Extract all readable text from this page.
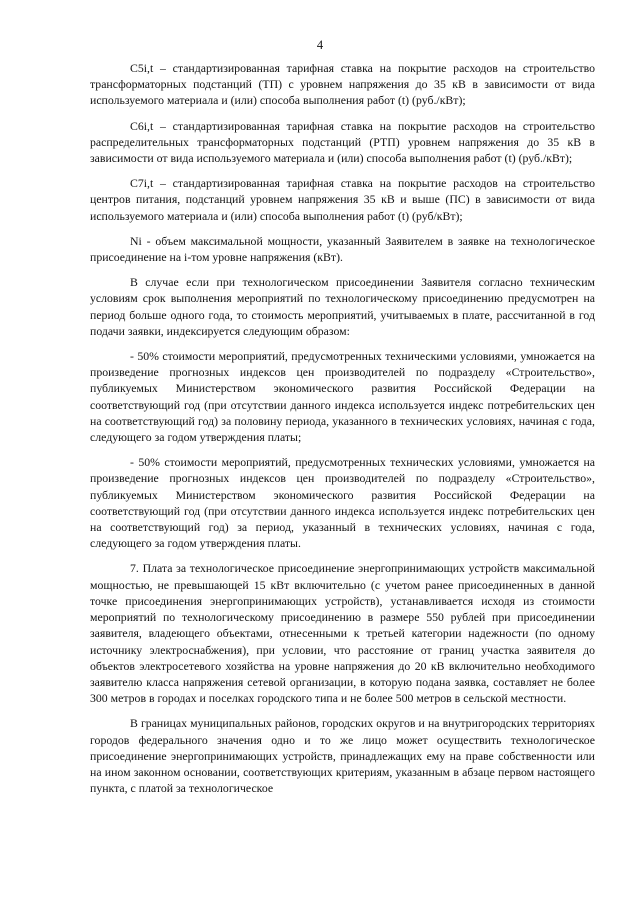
4

C5i,t – стандартизированная тарифная ставка на покрытие расходов на строительство трансформаторных подстанций (ТП) с уровнем напряжения до 35 кВ в зависимости от вида используемого материала и (или) способа выполнения работ (t) (руб./кВт);

C6i,t – стандартизированная тарифная ставка на покрытие расходов на строительство распределительных трансформаторных подстанций (РТП) уровнем напряжения до 35 кВ в зависимости от вида используемого материала и (или) способа выполнения работ (t) (руб./кВт);

C7i,t – стандартизированная тарифная ставка на покрытие расходов на строительство центров питания, подстанций уровнем напряжения 35 кВ и выше (ПС) в зависимости от вида используемого материала и (или) способа выполнения работ (t) (руб/кВт);

Ni - объем максимальной мощности, указанный Заявителем в заявке на технологическое присоединение на i-том уровне напряжения (кВт).

В случае если при технологическом присоединении Заявителя согласно техническим условиям срок выполнения мероприятий по технологическому присоединению предусмотрен на период больше одного года, то стоимость мероприятий, учитываемых в плате, рассчитанной в год подачи заявки, индексируется следующим образом:

- 50% стоимости мероприятий, предусмотренных техническими условиями, умножается на произведение прогнозных индексов цен производителей по подразделу «Строительство», публикуемых Министерством экономического развития Российской Федерации на соответствующий год (при отсутствии данного индекса используется индекс потребительских цен на соответствующий год) за половину периода, указанного в технических условиях, начиная с года, следующего за годом утверждения платы;

- 50% стоимости мероприятий, предусмотренных технических условиями, умножается на произведение прогнозных индексов цен производителей по подразделу «Строительство», публикуемых Министерством экономического развития Российской Федерации на соответствующий год (при отсутствии данного индекса используется индекс потребительских цен на соответствующий год) за период, указанный в технических условиях, начиная с года, следующего за годом утверждения платы.

7. Плата за технологическое присоединение энергопринимающих устройств максимальной мощностью, не превышающей 15 кВт включительно (с учетом ранее присоединенных в данной точке присоединения энергопринимающих устройств), устанавливается исходя из стоимости мероприятий по технологическому присоединению в размере 550 рублей при присоединении заявителя, владеющего объектами, отнесенными к третьей категории надежности (по одному источнику электроснабжения), при условии, что расстояние от границ участка заявителя до объектов электросетевого хозяйства на уровне напряжения до 20 кВ включительно необходимого заявителю класса напряжения сетевой организации, в которую подана заявка, составляет не более 300 метров в городах и поселках городского типа и не более 500 метров в сельской местности.

В границах муниципальных районов, городских округов и на внутригородских территориях городов федерального значения одно и то же лицо может осуществить технологическое присоединение энергопринимающих устройств, принадлежащих ему на праве собственности или на ином законном основании, соответствующих критериям, указанным в абзаце первом настоящего пункта, с платой за технологическое
